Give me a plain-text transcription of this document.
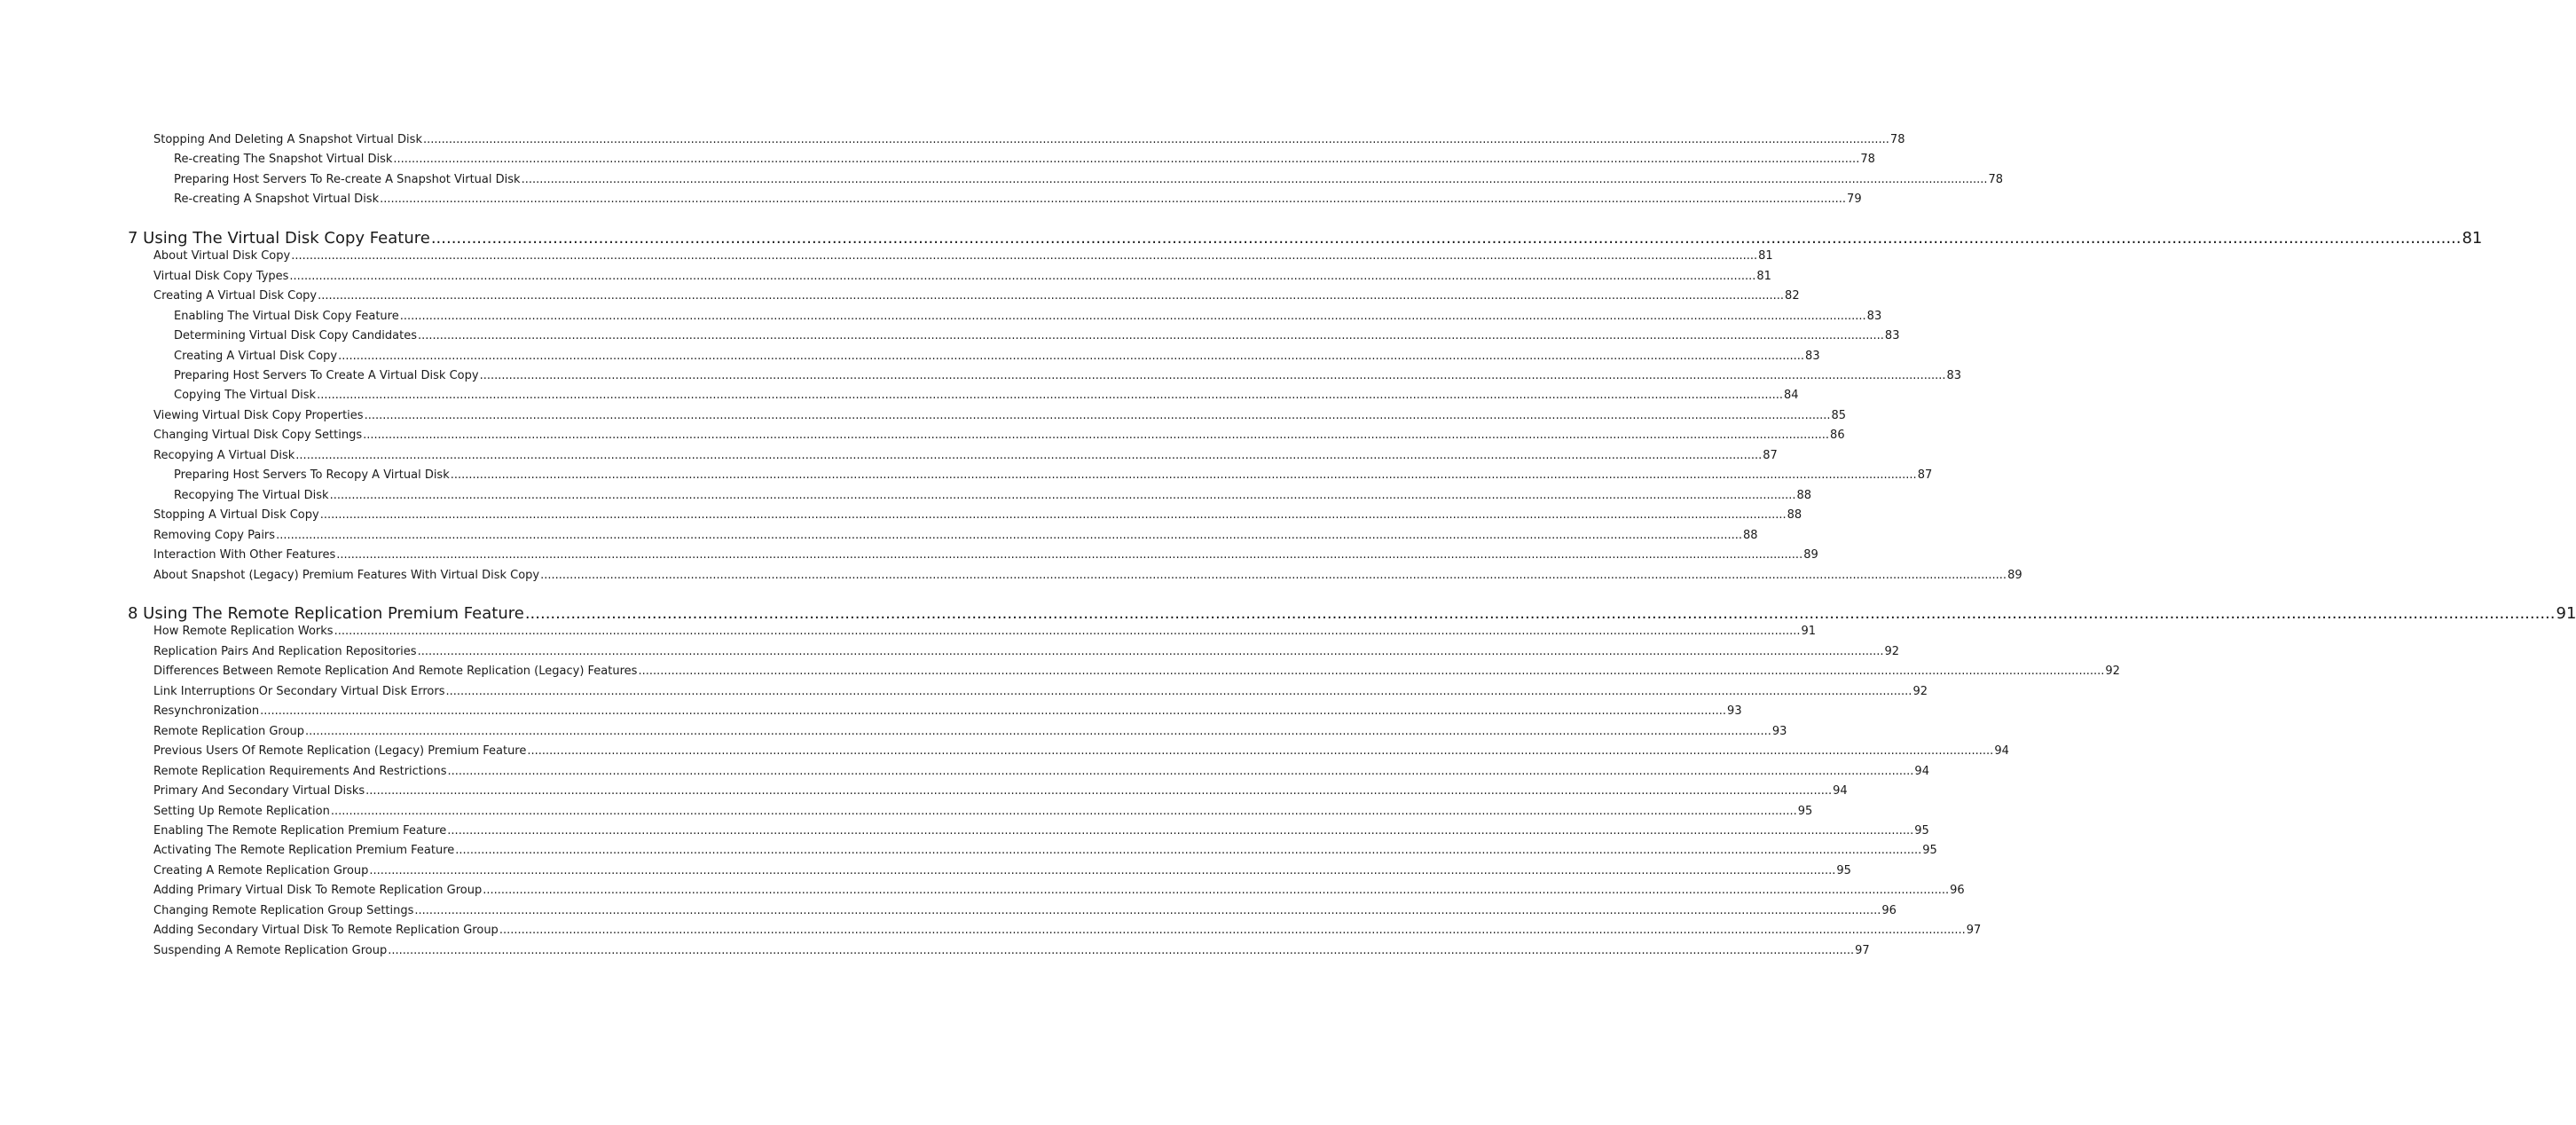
Stopping And Deleting A Snapshot Virtual Disk ................................................................................................................................................................................................................................................................................................................................................................................................................ 78
Re-creating The Snapshot Virtual Disk ................................................................................................................................................................................................................................................................................................................................................................................................................ 78
Preparing Host Servers To Re-create A Snapshot Virtual Disk ................................................................................................................................................................................................................................................................................................................................................................................................................ 78
Re-creating A Snapshot Virtual Disk ................................................................................................................................................................................................................................................................................................................................................................................................................ 79
7 Using The Virtual Disk Copy Feature ................................................................................................................................................................................................................................................................................................................................................................................................................ 81
About Virtual Disk Copy ................................................................................................................................................................................................................................................................................................................................................................................................................ 81
Virtual Disk Copy Types ................................................................................................................................................................................................................................................................................................................................................................................................................ 81
Creating A Virtual Disk Copy ................................................................................................................................................................................................................................................................................................................................................................................................................ 82
Enabling The Virtual Disk Copy Feature ................................................................................................................................................................................................................................................................................................................................................................................................................ 83
Determining Virtual Disk Copy Candidates ................................................................................................................................................................................................................................................................................................................................................................................................................ 83
Creating A Virtual Disk Copy ................................................................................................................................................................................................................................................................................................................................................................................................................ 83
Preparing Host Servers To Create A Virtual Disk Copy ................................................................................................................................................................................................................................................................................................................................................................................................................ 83
Copying The Virtual Disk ................................................................................................................................................................................................................................................................................................................................................................................................................ 84
Viewing Virtual Disk Copy Properties ................................................................................................................................................................................................................................................................................................................................................................................................................ 85
Changing Virtual Disk Copy Settings ................................................................................................................................................................................................................................................................................................................................................................................................................ 86
Recopying A Virtual Disk ................................................................................................................................................................................................................................................................................................................................................................................................................ 87
Preparing Host Servers To Recopy A Virtual Disk ................................................................................................................................................................................................................................................................................................................................................................................................................ 87
Recopying The Virtual Disk ................................................................................................................................................................................................................................................................................................................................................................................................................ 88
Stopping A Virtual Disk Copy ................................................................................................................................................................................................................................................................................................................................................................................................................ 88
Removing Copy Pairs ................................................................................................................................................................................................................................................................................................................................................................................................................ 88
Interaction With Other Features ................................................................................................................................................................................................................................................................................................................................................................................................................ 89
About Snapshot (Legacy) Premium Features With Virtual Disk Copy ................................................................................................................................................................................................................................................................................................................................................................................................................ 89
8 Using The Remote Replication Premium Feature ................................................................................................................................................................................................................................................................................................................................................................................................................ 91
How Remote Replication Works ................................................................................................................................................................................................................................................................................................................................................................................................................ 91
Replication Pairs And Replication Repositories ................................................................................................................................................................................................................................................................................................................................................................................................................ 92
Differences Between Remote Replication And Remote Replication (Legacy) Features ................................................................................................................................................................................................................................................................................................................................................................................................................ 92
Link Interruptions Or Secondary Virtual Disk Errors ................................................................................................................................................................................................................................................................................................................................................................................................................ 92
Resynchronization ................................................................................................................................................................................................................................................................................................................................................................................................................ 93
Remote Replication Group ................................................................................................................................................................................................................................................................................................................................................................................................................ 93
Previous Users Of Remote Replication (Legacy) Premium Feature ................................................................................................................................................................................................................................................................................................................................................................................................................ 94
Remote Replication Requirements And Restrictions ................................................................................................................................................................................................................................................................................................................................................................................................................ 94
Primary And Secondary Virtual Disks ................................................................................................................................................................................................................................................................................................................................................................................................................ 94
Setting Up Remote Replication ................................................................................................................................................................................................................................................................................................................................................................................................................ 95
Enabling The Remote Replication Premium Feature ................................................................................................................................................................................................................................................................................................................................................................................................................ 95
Activating The Remote Replication Premium Feature ................................................................................................................................................................................................................................................................................................................................................................................................................ 95
Creating A Remote Replication Group ................................................................................................................................................................................................................................................................................................................................................................................................................ 95
Adding Primary Virtual Disk To Remote Replication Group ................................................................................................................................................................................................................................................................................................................................................................................................................ 96
Changing Remote Replication Group Settings ................................................................................................................................................................................................................................................................................................................................................................................................................ 96
Adding Secondary Virtual Disk To Remote Replication Group ................................................................................................................................................................................................................................................................................................................................................................................................................ 97
Suspending A Remote Replication Group ................................................................................................................................................................................................................................................................................................................................................................................................................ 97
